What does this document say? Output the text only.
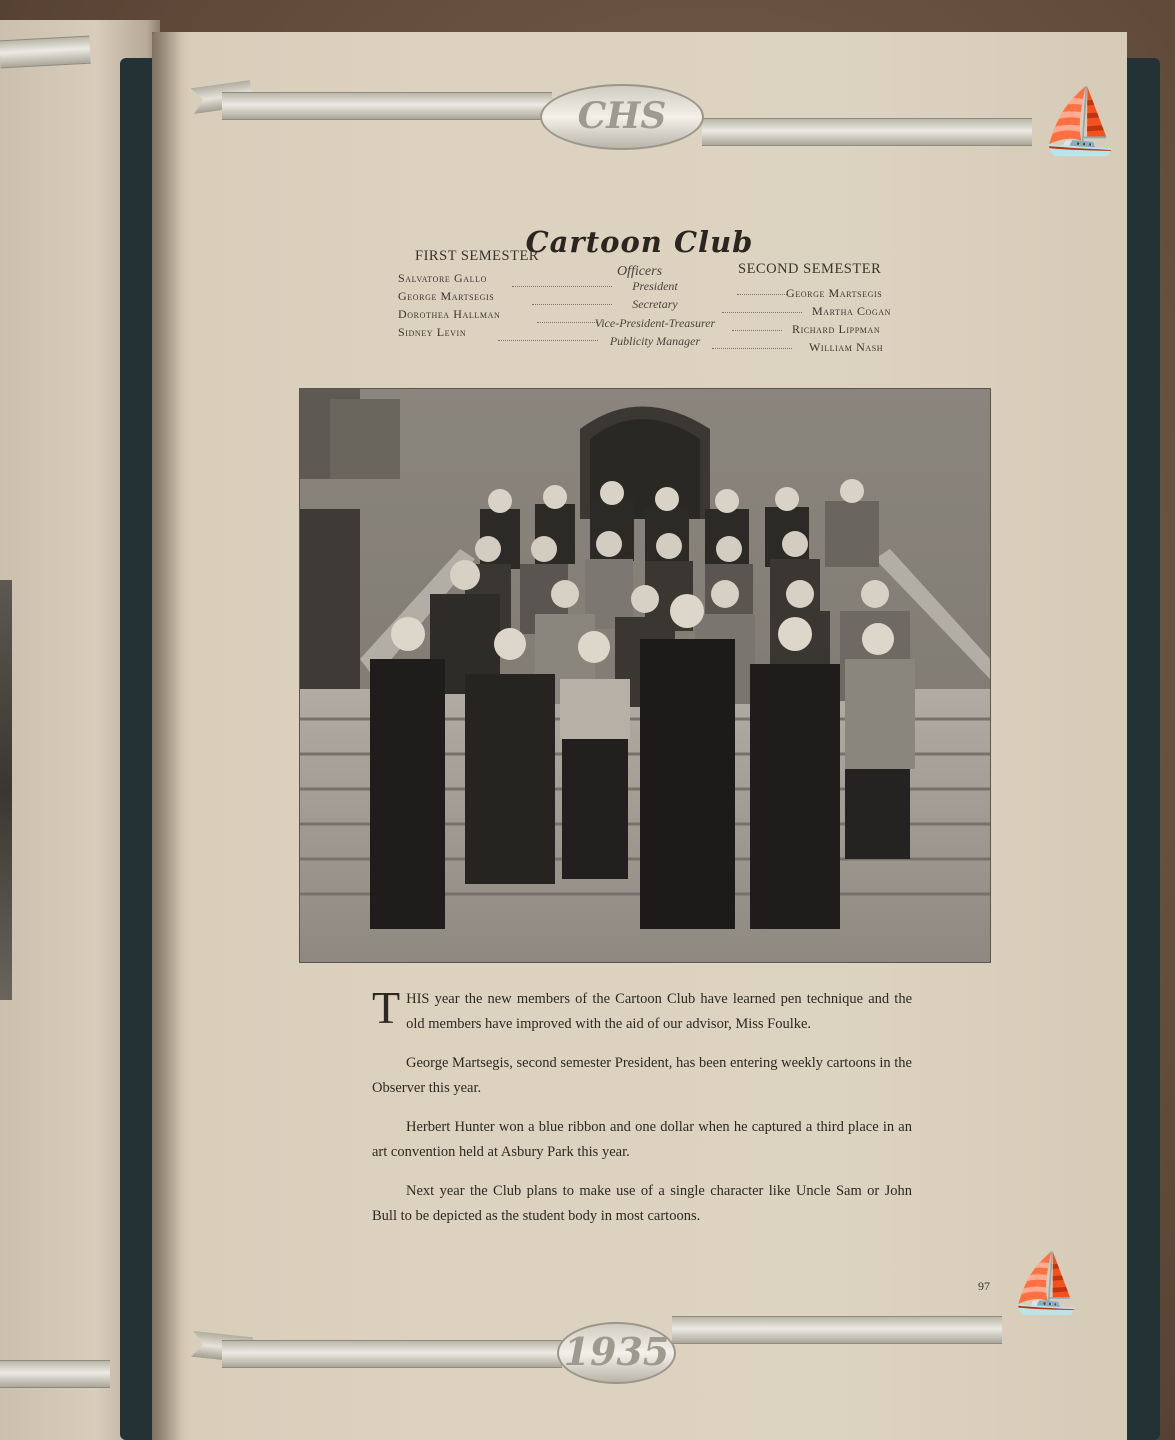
CHS	⛵
Cartoon Club
Officers
FIRST SEMESTER
SECOND SEMESTER
Salvatore Gallo
George Martsegis
Dorothea Hallman
Sidney Levin
President
Secretary
Vice-President-Treasurer
Publicity Manager
George Martsegis
Martha Cogan
Richard Lippman
William Nash

THIS year the new members of the Cartoon Club have learned pen technique and the old members have improved with the aid of our advisor, Miss Foulke.

George Martsegis, second semester President, has been entering weekly cartoons in the Observer this year.

Herbert Hunter won a blue ribbon and one dollar when he captured a third place in an art convention held at Asbury Park this year.

Next year the Club plans to make use of a single character like Uncle Sam or John Bull to be depicted as the student body in most cartoons.

97
1935
⛵
